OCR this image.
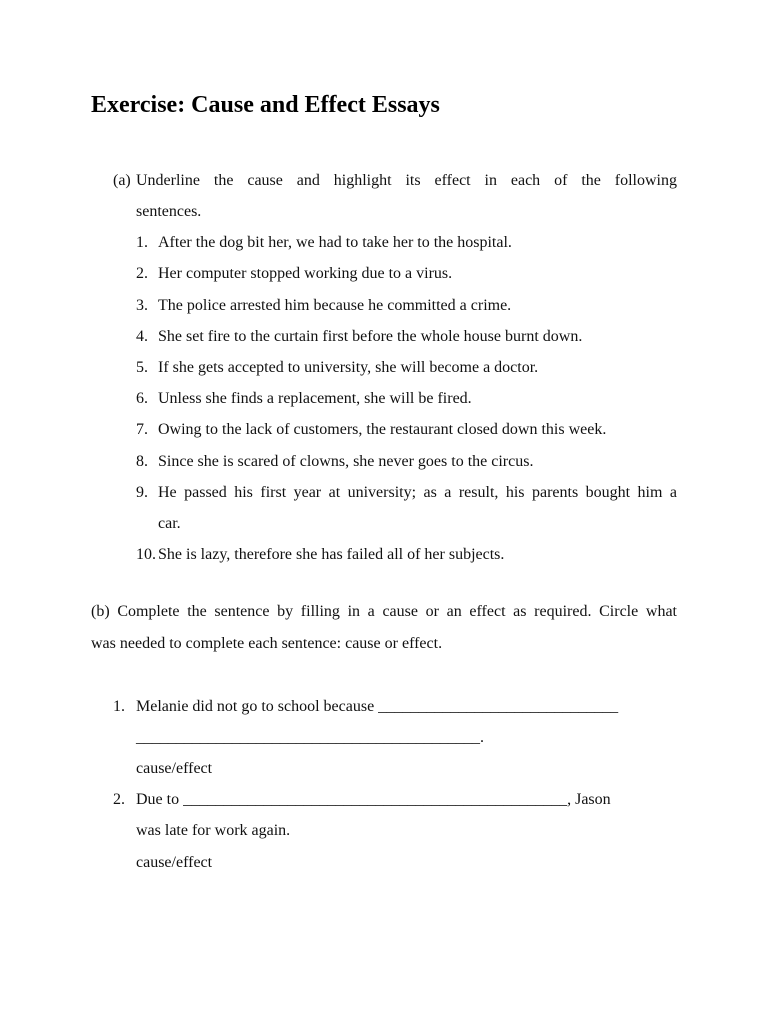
Exercise: Cause and Effect Essays
(a) Underline the cause and highlight its effect in each of the following
sentences.
1. After the dog bit her, we had to take her to the hospital.
2. Her computer stopped working due to a virus.
3. The police arrested him because he committed a crime.
4. She set fire to the curtain first before the whole house burnt down.
5. If she gets accepted to university, she will become a doctor.
6. Unless she finds a replacement, she will be fired.
7. Owing to the lack of customers, the restaurant closed down this week.
8. Since she is scared of clowns, she never goes to the circus.
9. He passed his first year at university; as a result, his parents bought him a
car.
10. She is lazy, therefore she has failed all of her subjects.
(b) Complete the sentence by filling in a cause or an effect as required. Circle what
was needed to complete each sentence: cause or effect.
1. Melanie did not go to school because ______________________________
___________________________________________.
cause/effect
2. Due to ________________________________________________, Jason
was late for work again.
cause/effect
